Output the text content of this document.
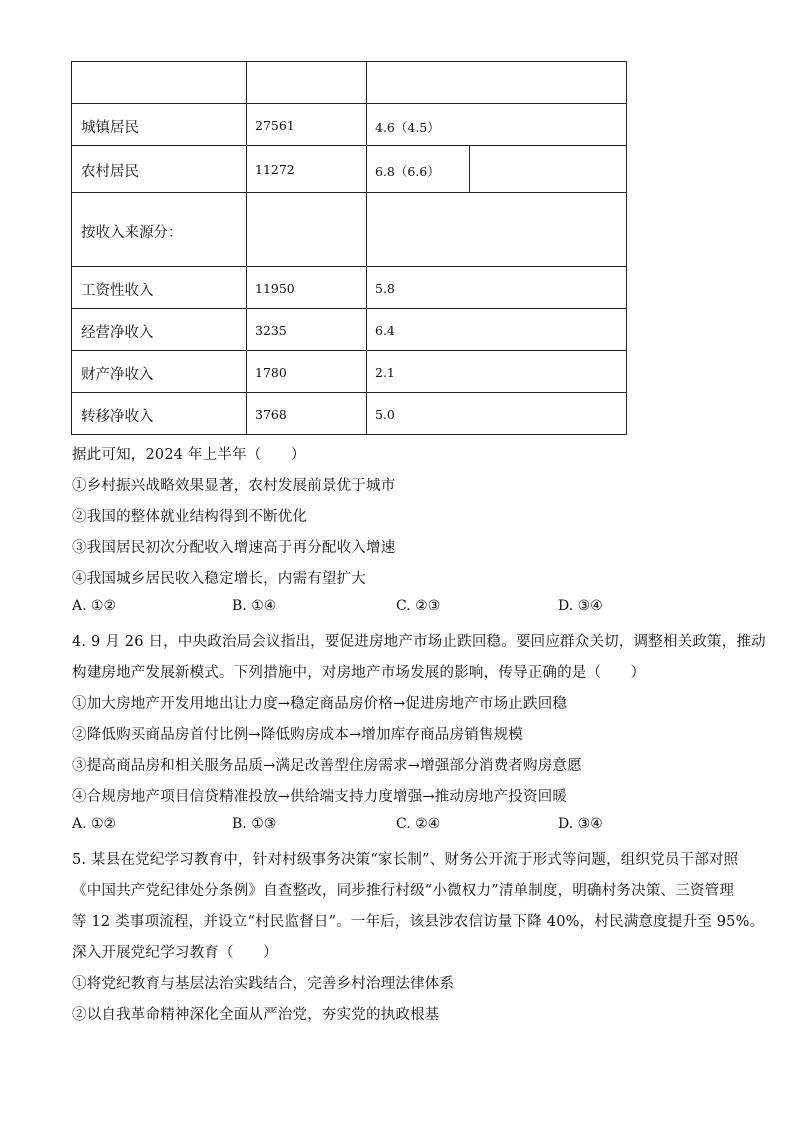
城镇居民	27561	4.6（4.5）
农村居民	11272	6.8（6.6）
按收入来源分：
工资性收入	11950	5.8
经营净收入	3235	6.4
财产净收入	1780	2.1
转移净收入	3768	5.0
据此可知，2024 年上半年（　　）
①乡村振兴战略效果显著，农村发展前景优于城市
②我国的整体就业结构得到不断优化
③我国居民初次分配收入增速高于再分配收入增速
④我国城乡居民收入稳定增长，内需有望扩大
A. ①②	B. ①④	C. ②③	D. ③④
4. 9 月 26 日，中央政治局会议指出，要促进房地产市场止跌回稳。要回应群众关切，调整相关政策，推动
构建房地产发展新模式。下列措施中，对房地产市场发展的影响，传导正确的是（　　）
①加大房地产开发用地出让力度→稳定商品房价格→促进房地产市场止跌回稳
②降低购买商品房首付比例→降低购房成本→增加库存商品房销售规模
③提高商品房和相关服务品质→满足改善型住房需求→增强部分消费者购房意愿
④合规房地产项目信贷精准投放→供给端支持力度增强→推动房地产投资回暖
A. ①②	B. ①③	C. ②④	D. ③④
5. 某县在党纪学习教育中，针对村级事务决策“家长制”、财务公开流于形式等问题，组织党员干部对照
《中国共产党纪律处分条例》自查整改，同步推行村级“小微权力”清单制度，明确村务决策、三资管理
等 12 类事项流程，并设立“村民监督日”。一年后，该县涉农信访量下降 40%，村民满意度提升至 95%。
深入开展党纪学习教育（　　）
①将党纪教育与基层法治实践结合，完善乡村治理法律体系
②以自我革命精神深化全面从严治党，夯实党的执政根基
